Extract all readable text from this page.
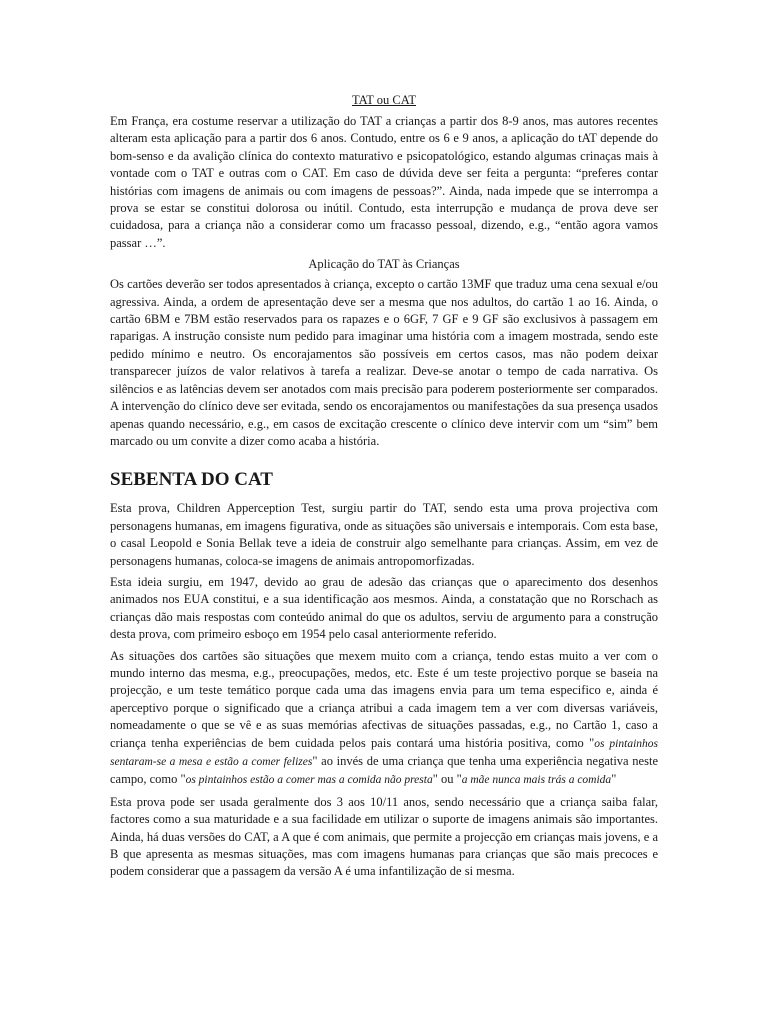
TAT ou CAT

Em França, era costume reservar a utilização do TAT a crianças a partir dos 8-9 anos, mas autores recentes alteram esta aplicação para a partir dos 6 anos. Contudo, entre os 6 e 9 anos, a aplicação do tAT depende do bom-senso e da avalição clínica do contexto maturativo e psicopatológico, estando algumas crinaças mais à vontade com o TAT e outras com o CAT. Em caso de dúvida deve ser feita a pergunta: “preferes contar histórias com imagens de animais ou com imagens de pessoas?”. Ainda, nada impede que se interrompa a prova se estar se constitui dolorosa ou inútil. Contudo, esta interrupção e mudança de prova deve ser cuidadosa, para a criança não a considerar como um fracasso pessoal, dizendo, e.g., “então agora vamos passar …”.

Aplicação do TAT às Crianças

Os cartões deverão ser todos apresentados à criança, excepto o cartão 13MF que traduz uma cena sexual e/ou agressiva. Ainda, a ordem de apresentação deve ser a mesma que nos adultos, do cartão 1 ao 16. Ainda, o cartão 6BM e 7BM estão reservados para os rapazes e o 6GF, 7 GF e 9 GF são exclusivos à passagem em raparigas. A instrução consiste num pedido para imaginar uma história com a imagem mostrada, sendo este pedido mínimo e neutro. Os encorajamentos são possíveis em certos casos, mas não podem deixar transparecer juízos de valor relativos à tarefa a realizar. Deve-se anotar o tempo de cada narrativa. Os silêncios e as latências devem ser anotados com mais precisão para poderem posteriormente ser comparados. A intervenção do clínico deve ser evitada, sendo os encorajamentos ou manifestações da sua presença usados apenas quando necessário, e.g., em casos de excitação crescente o clínico deve intervir com um “sim” bem marcado ou um convite a dizer como acaba a história.

SEBENTA DO CAT

Esta prova, Children Apperception Test, surgiu partir do TAT, sendo esta uma prova projectiva com personagens humanas, em imagens figurativa, onde as situações são universais e intemporais. Com esta base, o casal Leopold e Sonia Bellak teve a ideia de construir algo semelhante para crianças. Assim, em vez de personagens humanas, coloca-se imagens de animais antropomorfizadas.

Esta ideia surgiu, em 1947, devido ao grau de adesão das crianças que o aparecimento dos desenhos animados nos EUA constitui, e a sua identificação aos mesmos. Ainda, a constatação que no Rorschach as crianças dão mais respostas com conteúdo animal do que os adultos, serviu de argumento para a construção desta prova, com primeiro esboço em 1954 pelo casal anteriormente referido.

As situações dos cartões são situações que mexem muito com a criança, tendo estas muito a ver com o mundo interno das mesma, e.g., preocupações, medos, etc. Este é um teste projectivo porque se baseia na projecção, e um teste temático porque cada uma das imagens envia para um tema especifico e, ainda é aperceptivo porque o significado que a criança atribui a cada imagem tem a ver com diversas variáveis, nomeadamente o que se vê e as suas memórias afectivas de situações passadas, e.g., no Cartão 1, caso a criança tenha experiências de bem cuidada pelos pais contará uma história positiva, como "os pintainhos sentaram-se a mesa e estão a comer felizes" ao invés de uma criança que tenha uma experiência negativa neste campo, como "os pintainhos estão a comer mas a comida não presta" ou "a mãe nunca mais trás a comida"

Esta prova pode ser usada geralmente dos 3 aos 10/11 anos, sendo necessário que a criança saiba falar, factores como a sua maturidade e a sua facilidade em utilizar o suporte de imagens animais são importantes. Ainda, há duas versões do CAT, a A que é com animais, que permite a projecção em crianças mais jovens, e a B que apresenta as mesmas situações, mas com imagens humanas para crianças que são mais precoces e podem considerar que a passagem da versão A é uma infantilização de si mesma.
